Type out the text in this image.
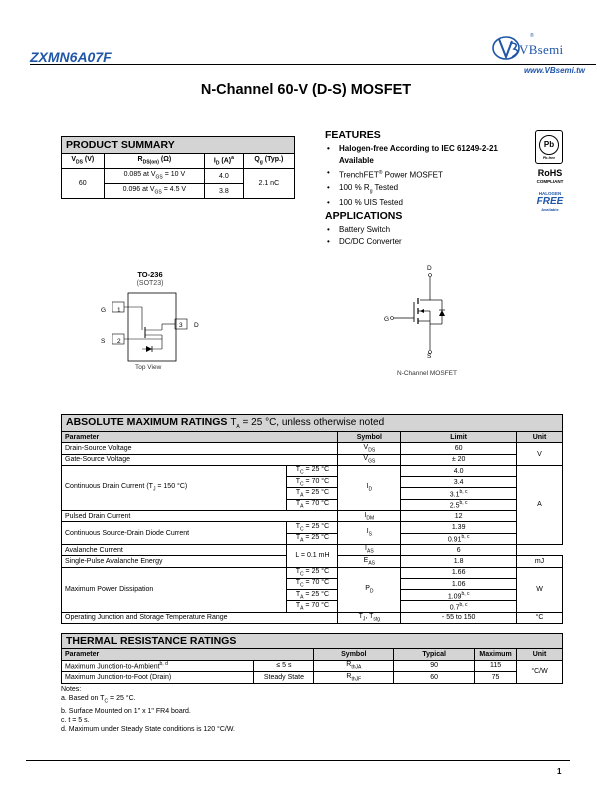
ZXMN6A07F
®
VBsemi
www.VBsemi.tw
N-Channel 60-V (D-S) MOSFET
PRODUCT SUMMARY			
$V_{DS}$ (V)	$R_{DS(on)}$ (Ω)	$I_D$ $(A)^a$	$Q_g$ (Typ.)
60	0.085 at $V_{GS} = 10$ V	4.0	2.1 nC
	0.096 at $V_{GS} = 4.5$ V	3.8	
FEATURES
• Halogen-free According to IEC 61249-2-21
Available
• TrenchFET® Power MOSFET
• 100 % $R_g$ Tested
• 100 % UIS Tested
APPLICATIONS
• Battery Switch
• DC/DC Converter
Pb
Pb-free
RoHS
COMPLIANT
HALOGEN
FREE
Available
TO-236
(SOT23)
G 1
S 2
3 D
Top View
D
G
S
N-Channel MOSFET
ABSOLUTE MAXIMUM RATINGS $T_A = 25$ °C, unless otherwise noted				
Parameter		Symbol	Limit	Unit
Drain-Source Voltage		$V_{DS}$	60	V
Gate-Source Voltage		$V_{GS}$	± 20	
Continuous Drain Current ($T_J = 150$ °C)	$T_C = 25$ °C	$I_D$	4.0	A
	$T_C = 70$ °C		3.4	
	$T_A = 25$ °C		3.1$^{b, c}$
	$T_A = 70$ °C		2.5$^{b, c}$
Pulsed Drain Current		$I_{DM}$	12	
Continuous Source-Drain Diode Current	$T_C = 25$ °C	$I_S$	1.39	
	$T_A = 25$ °C		0.91$^{b, c}$
Avalanche Current	L = 0.1 mH	$I_{AS}$	6	
Single-Pulse Avalanche Energy		$E_{AS}$	1.8	mJ
Maximum Power Dissipation	$T_C = 25$ °C	$P_D$	1.66	W
	$T_C = 70$ °C		1.06	
	$T_A = 25$ °C		1.09$^{b, c}$
	$T_A = 70$ °C		0.7$^{b, c}$
Operating Junction and Storage Temperature Range		$T_J$, $T_{stg}$	- 55 to 150	°C
THERMAL RESISTANCE RATINGS					
Parameter		Symbol	Typical	Maximum	Unit
Maximum Junction-to-Ambient$^{b, d}$	≤ 5 s	$R_{thJA}$	90	115	°C/W
Maximum Junction-to-Foot (Drain)	Steady State	$R_{thJF}$	60	75	
Notes:
a. Based on $T_C = 25$ °C.
b. Surface Mounted on 1" x 1" FR4 board.
c. t = 5 s.
d. Maximum under Steady State conditions is 120 °C/W.
1
